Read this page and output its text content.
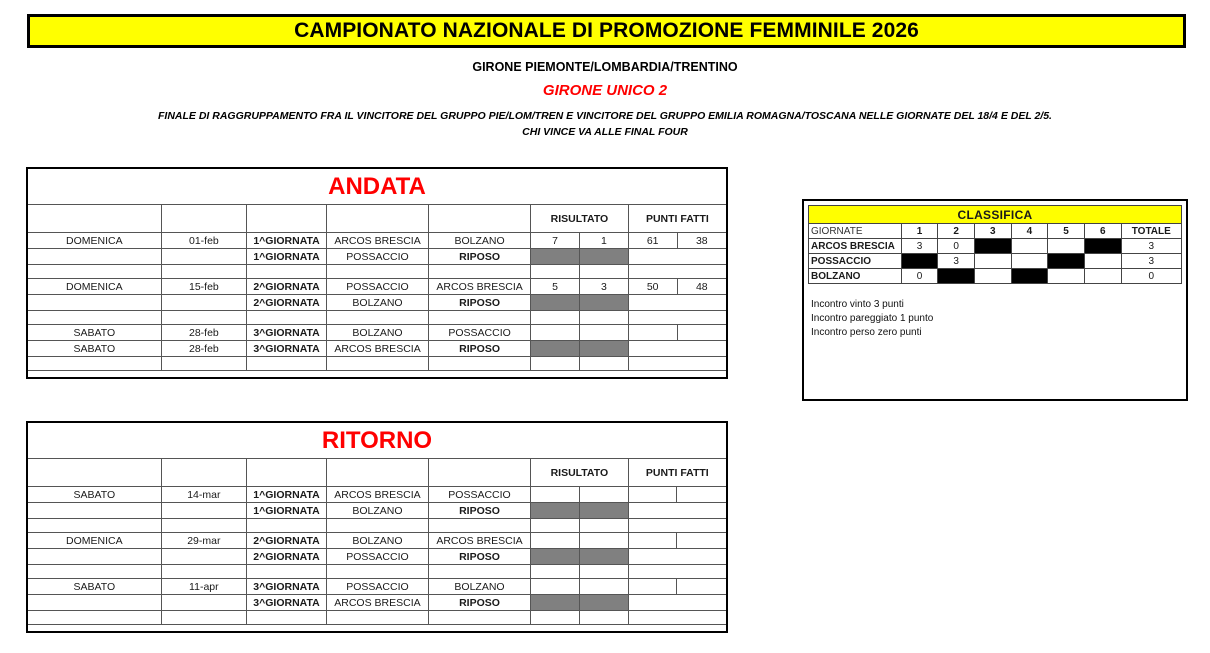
CAMPIONATO NAZIONALE DI PROMOZIONE FEMMINILE 2026
GIRONE PIEMONTE/LOMBARDIA/TRENTINO
GIRONE UNICO 2
FINALE DI RAGGRUPPAMENTO FRA IL VINCITORE DEL GRUPPO PIE/LOM/TREN E VINCITORE DEL GRUPPO EMILIA ROMAGNA/TOSCANA NELLE GIORNATE DEL 18/4 E DEL 2/5.
CHI VINCE VA ALLE FINAL FOUR
ANDATA								
					RISULTATO		PUNTI FATTI	
DOMENICA	01-feb	1^GIORNATA	ARCOS BRESCIA	BOLZANO	7	1	61	38
		1^GIORNATA	POSSACCIO	RIPOSO				

DOMENICA	15-feb	2^GIORNATA	POSSACCIO	ARCOS BRESCIA	5	3	50	48
		2^GIORNATA	BOLZANO	RIPOSO				

SABATO	28-feb	3^GIORNATA	BOLZANO	POSSACCIO				
SABATO	28-feb	3^GIORNATA	ARCOS BRESCIA	RIPOSO				

RITORNO								
					RISULTATO		PUNTI FATTI	
SABATO	14-mar	1^GIORNATA	ARCOS BRESCIA	POSSACCIO				
		1^GIORNATA	BOLZANO	RIPOSO				

DOMENICA	29-mar	2^GIORNATA	BOLZANO	ARCOS BRESCIA				
		2^GIORNATA	POSSACCIO	RIPOSO				

SABATO	11-apr	3^GIORNATA	POSSACCIO	BOLZANO				
		3^GIORNATA	ARCOS BRESCIA	RIPOSO				

CLASSIFICA							
GIORNATE	1	2	3	4	5	6	TOTALE
ARCOS BRESCIA	3	0					3
POSSACCIO		3					3
BOLZANO	0						0
Incontro vinto 3 punti
Incontro pareggiato 1 punto
Incontro perso zero punti
